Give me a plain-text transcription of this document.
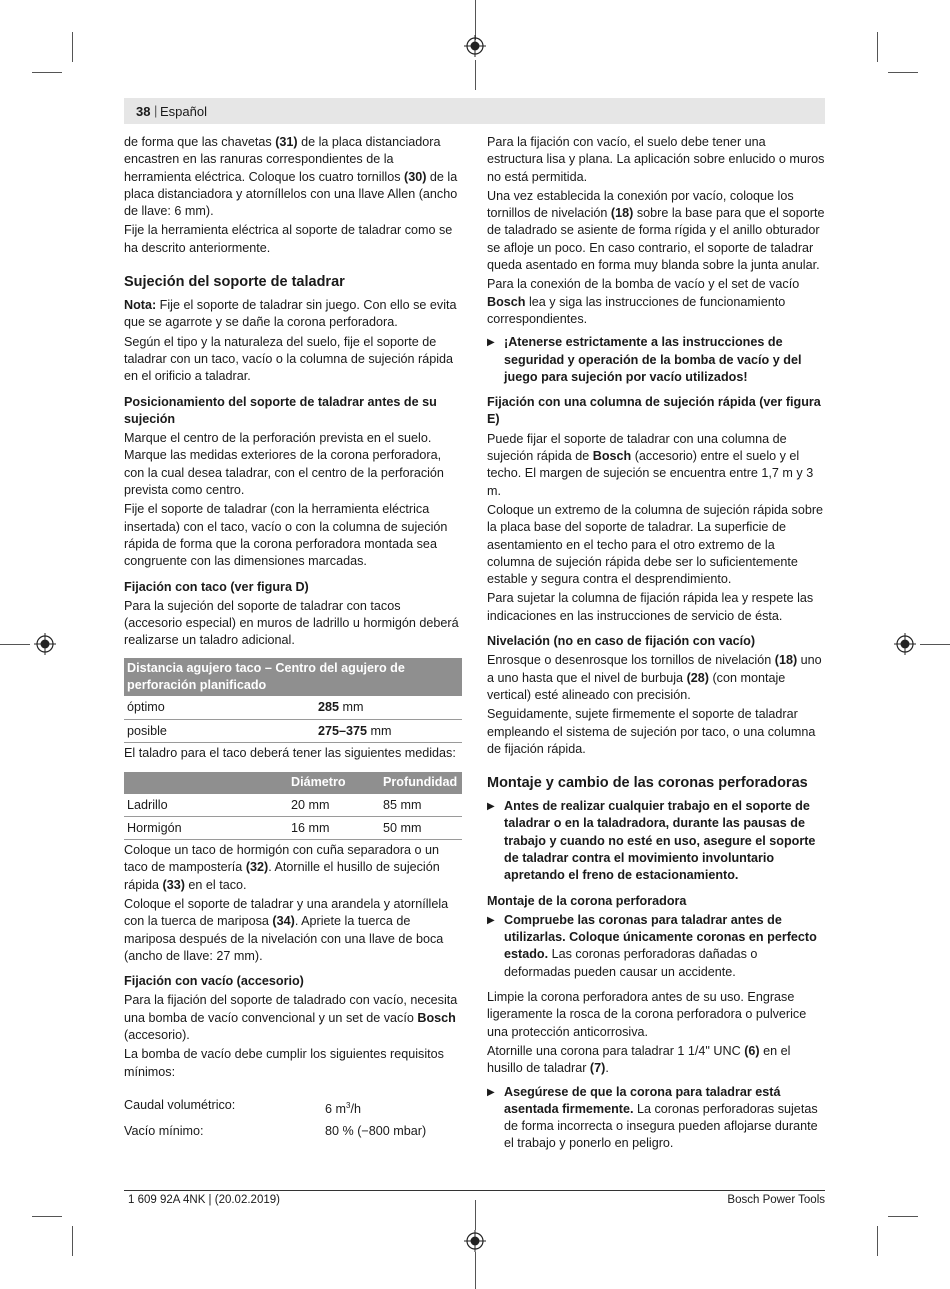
38 | Español

de forma que las chavetas (31) de la placa distanciadora encastren en las ranuras correspondientes de la herramienta eléctrica. Coloque los cuatro tornillos (30) de la placa distanciadora y atorníllelos con una llave Allen (ancho de llave: 6 mm).

Fije la herramienta eléctrica al soporte de taladrar como se ha descrito anteriormente.

Sujeción del soporte de taladrar

Nota: Fije el soporte de taladrar sin juego. Con ello se evita que se agarrote y se dañe la corona perforadora.

Según el tipo y la naturaleza del suelo, fije el soporte de taladrar con un taco, vacío o la columna de sujeción rápida en el orificio a taladrar.

Posicionamiento del soporte de taladrar antes de su sujeción

Marque el centro de la perforación prevista en el suelo. Marque las medidas exteriores de la corona perforadora, con la cual desea taladrar, con el centro de la perforación prevista como centro.

Fije el soporte de taladrar (con la herramienta eléctrica insertada) con el taco, vacío o con la columna de sujeción rápida de forma que la corona perforadora montada sea congruente con las dimensiones marcadas.

Fijación con taco (ver figura D)

Para la sujeción del soporte de taladrar con tacos (accesorio especial) en muros de ladrillo u hormigón deberá realizarse un taladro adicional.

Distancia agujero taco – Centro del agujero de perforación planificado	
óptimo	285 mm
posible	275–375 mm

El taladro para el taco deberá tener las siguientes medidas:

	Diámetro	Profundidad
Ladrillo	20 mm	85 mm
Hormigón	16 mm	50 mm

Coloque un taco de hormigón con cuña separadora o un taco de mampostería (32). Atornille el husillo de sujeción rápida (33) en el taco.

Coloque el soporte de taladrar y una arandela y atorníllela con la tuerca de mariposa (34). Apriete la tuerca de mariposa después de la nivelación con una llave de boca (ancho de llave: 27 mm).

Fijación con vacío (accesorio)

Para la fijación del soporte de taladrado con vacío, necesita una bomba de vacío convencional y un set de vacío Bosch (accesorio).

La bomba de vacío debe cumplir los siguientes requisitos mínimos:

Caudal volumétrico:	6 $m^3/h$
Vacío mínimo:	80 % (−800 mbar)

Para la fijación con vacío, el suelo debe tener una estructura lisa y plana. La aplicación sobre enlucido o muros no está permitida.

Una vez establecida la conexión por vacío, coloque los tornillos de nivelación (18) sobre la base para que el soporte de taladrado se asiente de forma rígida y el anillo obturador se afloje un poco. En caso contrario, el soporte de taladrar queda asentado en forma muy blanda sobre la junta anular.

Para la conexión de la bomba de vacío y el set de vacío Bosch lea y siga las instrucciones de funcionamiento correspondientes.

▶ ¡Atenerse estrictamente a las instrucciones de seguridad y operación de la bomba de vacío y del juego para sujeción por vacío utilizados!
Fijación con una columna de sujeción rápida (ver figura E)

Puede fijar el soporte de taladrar con una columna de sujeción rápida de Bosch (accesorio) entre el suelo y el techo. El margen de sujeción se encuentra entre 1,7 m y 3 m.

Coloque un extremo de la columna de sujeción rápida sobre la placa base del soporte de taladrar. La superficie de asentamiento en el techo para el otro extremo de la columna de sujeción rápida debe ser lo suficientemente estable y segura contra el desprendimiento.

Para sujetar la columna de fijación rápida lea y respete las indicaciones en las instrucciones de servicio de ésta.

Nivelación (no en caso de fijación con vacío)

Enrosque o desenrosque los tornillos de nivelación (18) uno a uno hasta que el nivel de burbuja (28) (con montaje vertical) esté alineado con precisión.

Seguidamente, sujete firmemente el soporte de taladrar empleando el sistema de sujeción por taco, o una columna de fijación rápida.

Montaje y cambio de las coronas perforadoras
▶ Antes de realizar cualquier trabajo en el soporte de taladrar o en la taladradora, durante las pausas de trabajo y cuando no esté en uso, asegure el soporte de taladrar contra el movimiento involuntario apretando el freno de estacionamiento.
Montaje de la corona perforadora
▶ Compruebe las coronas para taladrar antes de utilizarlas. Coloque únicamente coronas en perfecto estado. Las coronas perforadoras dañadas o deformadas pueden causar un accidente.

Limpie la corona perforadora antes de su uso. Engrase ligeramente la rosca de la corona perforadora o pulverice una protección anticorrosiva.

Atornille una corona para taladrar 1 1/4" UNC (6) en el husillo de taladrar (7).

▶ Asegúrese de que la corona para taladrar está asentada firmemente. La coronas perforadoras sujetas de forma incorrecta o insegura pueden aflojarse durante el trabajo y ponerlo en peligro.
1 609 92A 4NK | (20.02.2019)	Bosch Power Tools
